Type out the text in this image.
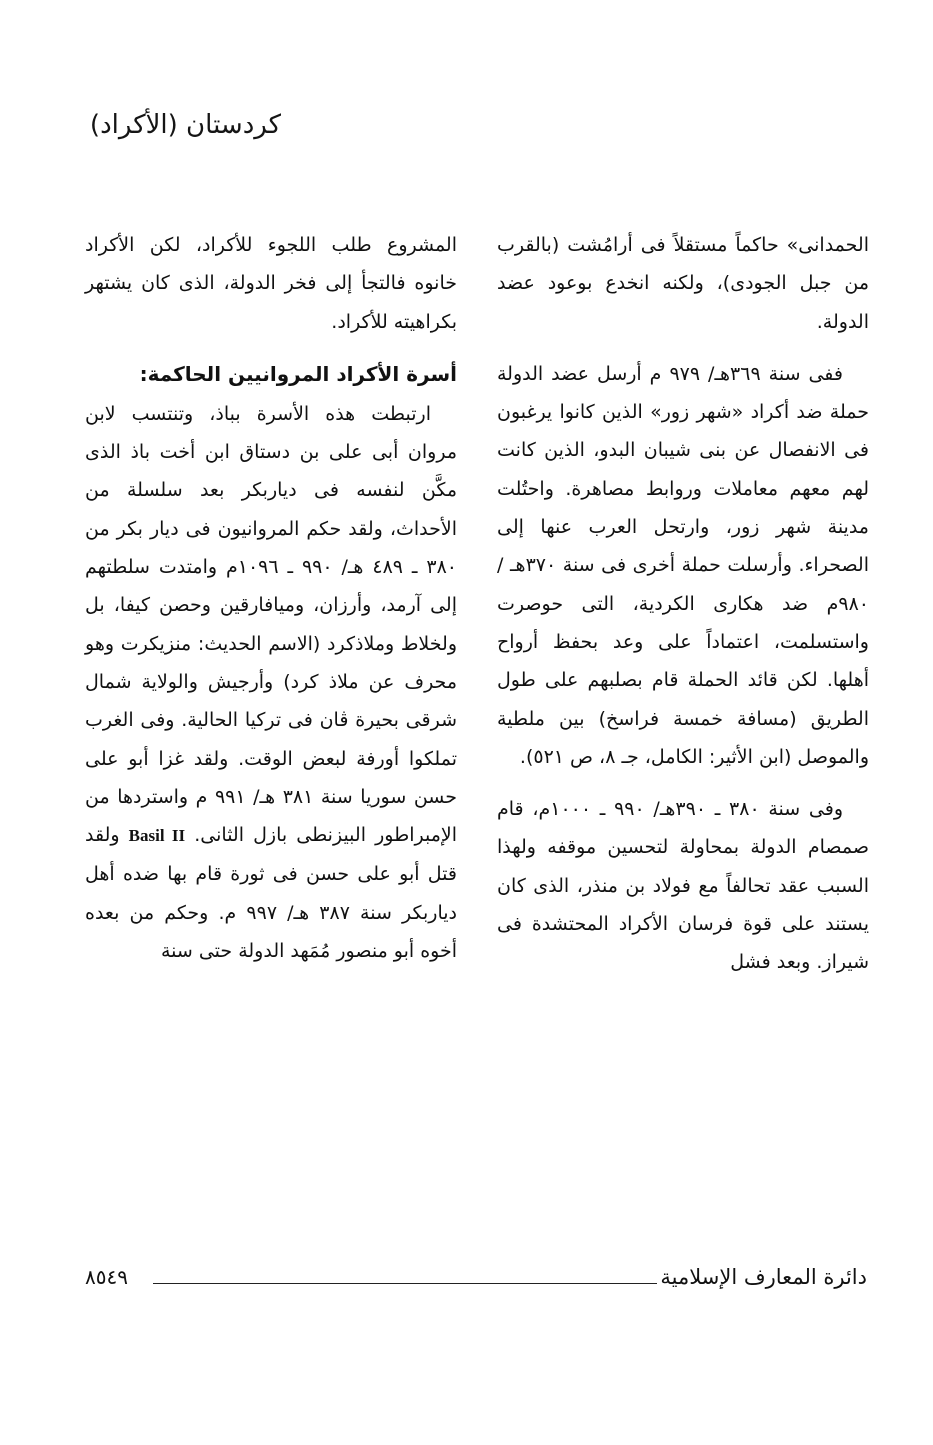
كردستان (الأكراد)

الحمدانى» حاكماً مستقلاً فى أرامُشت (بالقرب من جبل الجودى)، ولكنه انخدع بوعود عضد الدولة.

ففى سنة ٣٦٩هـ/ ٩٧٩ م أرسل عضد الدولة حملة ضد أكراد «شهر زور» الذين كانوا يرغبون فى الانفصال عن بنى شيبان البدو، الذين كانت لهم معهم معاملات وروابط مصاهرة. واحتُلت مدينة شهر زور، وارتحل العرب عنها إلى الصحراء. وأرسلت حملة أخرى فى سنة ٣٧٠هـ / ٩٨٠م ضد هكارى الكردية، التى حوصرت واستسلمت، اعتماداً على وعد بحفظ أرواح أهلها. لكن قائد الحملة قام بصلبهم على طول الطريق (مسافة خمسة فراسخ) بين ملطية والموصل (ابن الأثير: الكامل، جـ ٨، ص ٥٢١).

وفى سنة ٣٨٠ ـ ٣٩٠هـ/ ٩٩٠ ـ ١٠٠٠م، قام صمصام الدولة بمحاولة لتحسين موقفه ولهذا السبب عقد تحالفاً مع فولاد بن منذر، الذى كان يستند على قوة فرسان الأكراد المحتشدة فى شيراز. وبعد فشل

المشروع طلب اللجوء للأكراد، لكن الأكراد خانوه فالتجأ إلى فخر الدولة، الذى كان يشتهر بكراهيته للأكراد.

أسرة الأكراد المروانيين الحاكمة:

ارتبطت هذه الأسرة بباذ، وتنتسب لابن مروان أبى على بن دستاق ابن أخت باذ الذى مكَّن لنفسه فى دياربكر بعد سلسلة من الأحداث، ولقد حكم المروانيون فى ديار بكر من ٣٨٠ ـ ٤٨٩ هـ/ ٩٩٠ ـ ١٠٩٦م وامتدت سلطتهم إلى آرمد، وأرزان، وميافارقين وحصن كيفا، بل ولخلاط وملاذكرد (الاسم الحديث: منزيكرت وهو محرف عن ملاذ كرد) وأرجيش والولاية شمال شرقى بحيرة ڤان فى تركيا الحالية. وفى الغرب تملكوا أورفة لبعض الوقت. ولقد غزا أبو على حسن سوريا سنة ٣٨١ هـ/ ٩٩١ م واستردها من الإمبراطور البيزنطى بازل الثانى. Basil II ولقد قتل أبو على حسن فى ثورة قام بها ضده أهل دياربكر سنة ٣٨٧ هـ/ ٩٩٧ م. وحكم من بعده أخوه أبو منصور مُمَهد الدولة حتى سنة

دائرة المعارف الإسلامية
٨٥٤٩
